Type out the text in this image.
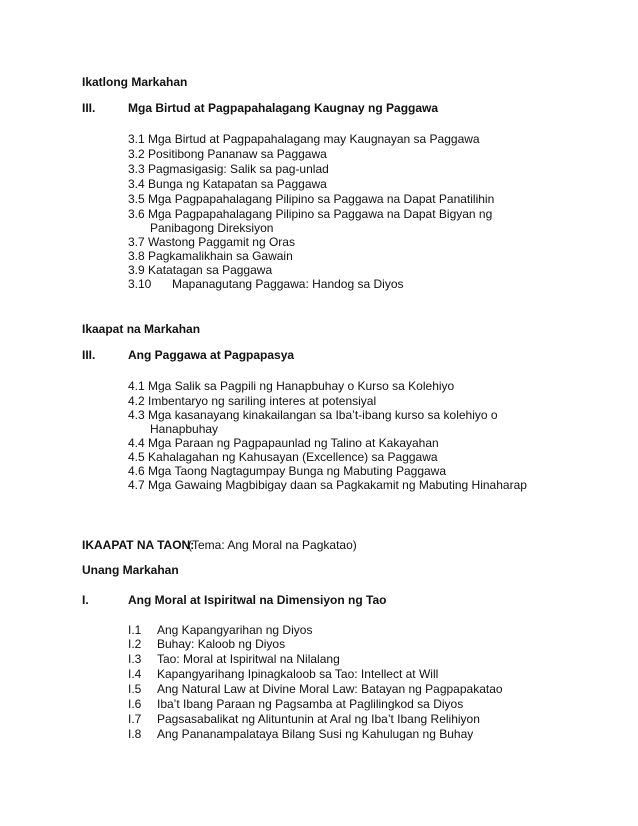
Ikatlong Markahan
III.	Mga Birtud at Pagpapahalagang Kaugnay ng Paggawa
3.1 Mga Birtud at Pagpapahalagang may Kaugnayan sa Paggawa
3.2 Positibong Pananaw sa Paggawa
3.3 Pagmasigasig: Salik sa pag-unlad
3.4 Bunga ng Katapatan sa Paggawa
3.5 Mga Pagpapahalagang Pilipino sa Paggawa na Dapat Panatilihin
3.6 Mga Pagpapahalagang Pilipino sa Paggawa na Dapat Bigyan ng
Panibagong Direksiyon
3.7 Wastong Paggamit ng Oras
3.8 Pagkamalikhain sa Gawain
3.9 Katatagan sa Paggawa
3.10 Mapanagutang Paggawa: Handog sa Diyos
Ikaapat na Markahan
III.	Ang Paggawa at Pagpapasya
4.1 Mga Salik sa Pagpili ng Hanapbuhay o Kurso sa Kolehiyo
4.2 Imbentaryo ng sariling interes at potensiyal
4.3 Mga kasanayang kinakailangan sa Iba’t-ibang kurso sa kolehiyo o
Hanapbuhay
4.4 Mga Paraan ng Pagpapaunlad ng Talino at Kakayahan
4.5 Kahalagahan ng Kahusayan (Excellence) sa Paggawa
4.6 Mga Taong Nagtagumpay Bunga ng Mabuting Paggawa
4.7 Mga Gawaing Magbibigay daan sa Pagkakamit ng Mabuting Hinaharap
IKAAPAT NA TAON:
(Tema: Ang Moral na Pagkatao)
Unang Markahan
I.	Ang Moral at Ispiritwal na Dimensiyon ng Tao
I.1 Ang Kapangyarihan ng Diyos
I.2 Buhay: Kaloob ng Diyos
I.3 Tao: Moral at Ispiritwal na Nilalang
I.4 Kapangyarihang Ipinagkaloob sa Tao: Intellect at Will
I.5 Ang Natural Law at Divine Moral Law: Batayan ng Pagpapakatao
I.6 Iba’t Ibang Paraan ng Pagsamba at Paglilingkod sa Diyos
I.7 Pagsasabalikat ng Alituntunin at Aral ng Iba’t Ibang Relihiyon
I.8 Ang Pananampalataya Bilang Susi ng Kahulugan ng Buhay
